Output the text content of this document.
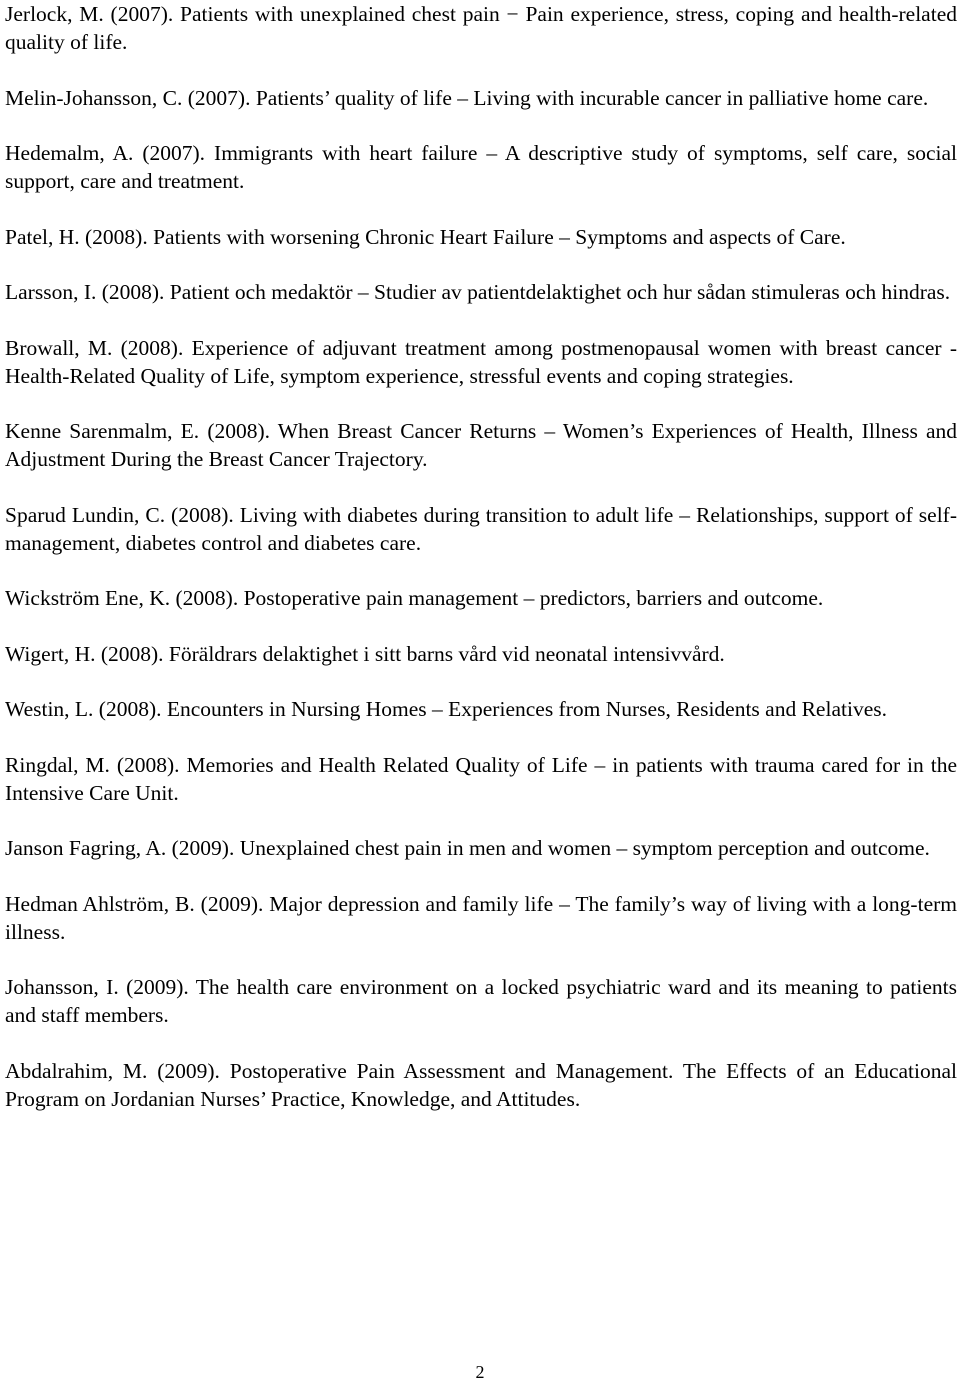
Jerlock, M. (2007). Patients with unexplained chest pain − Pain experience, stress, coping and health-related quality of life.
Melin-Johansson, C. (2007). Patients’ quality of life – Living with incurable cancer in palliative home care.
Hedemalm, A. (2007). Immigrants with heart failure – A descriptive study of symptoms, self care, social support, care and treatment.
Patel, H. (2008). Patients with worsening Chronic Heart Failure – Symptoms and aspects of Care.
Larsson, I. (2008). Patient och medaktör – Studier av patientdelaktighet och hur sådan stimuleras och hindras.
Browall, M. (2008). Experience of adjuvant treatment among postmenopausal women with breast cancer - Health-Related Quality of Life, symptom experience, stressful events and coping strategies.
Kenne Sarenmalm, E. (2008). When Breast Cancer Returns – Women’s Experiences of Health, Illness and Adjustment During the Breast Cancer Trajectory.
Sparud Lundin, C. (2008). Living with diabetes during transition to adult life – Relationships, support of self-management, diabetes control and diabetes care.
Wickström Ene, K. (2008). Postoperative pain management – predictors, barriers and outcome.
Wigert, H. (2008). Föräldrars delaktighet i sitt barns vård vid neonatal intensivvård.
Westin, L. (2008). Encounters in Nursing Homes – Experiences from Nurses, Residents and Relatives.
Ringdal, M. (2008). Memories and Health Related Quality of Life – in patients with trauma cared for in the Intensive Care Unit.
Janson Fagring, A. (2009). Unexplained chest pain in men and women – symptom perception and outcome.
Hedman Ahlström, B. (2009). Major depression and family life – The family’s way of living with a long-term illness.
Johansson, I. (2009). The health care environment on a locked psychiatric ward and its meaning to patients and staff members.
Abdalrahim, M. (2009). Postoperative Pain Assessment and Management. The Effects of an Educational Program on Jordanian Nurses’ Practice, Knowledge, and Attitudes.
2
